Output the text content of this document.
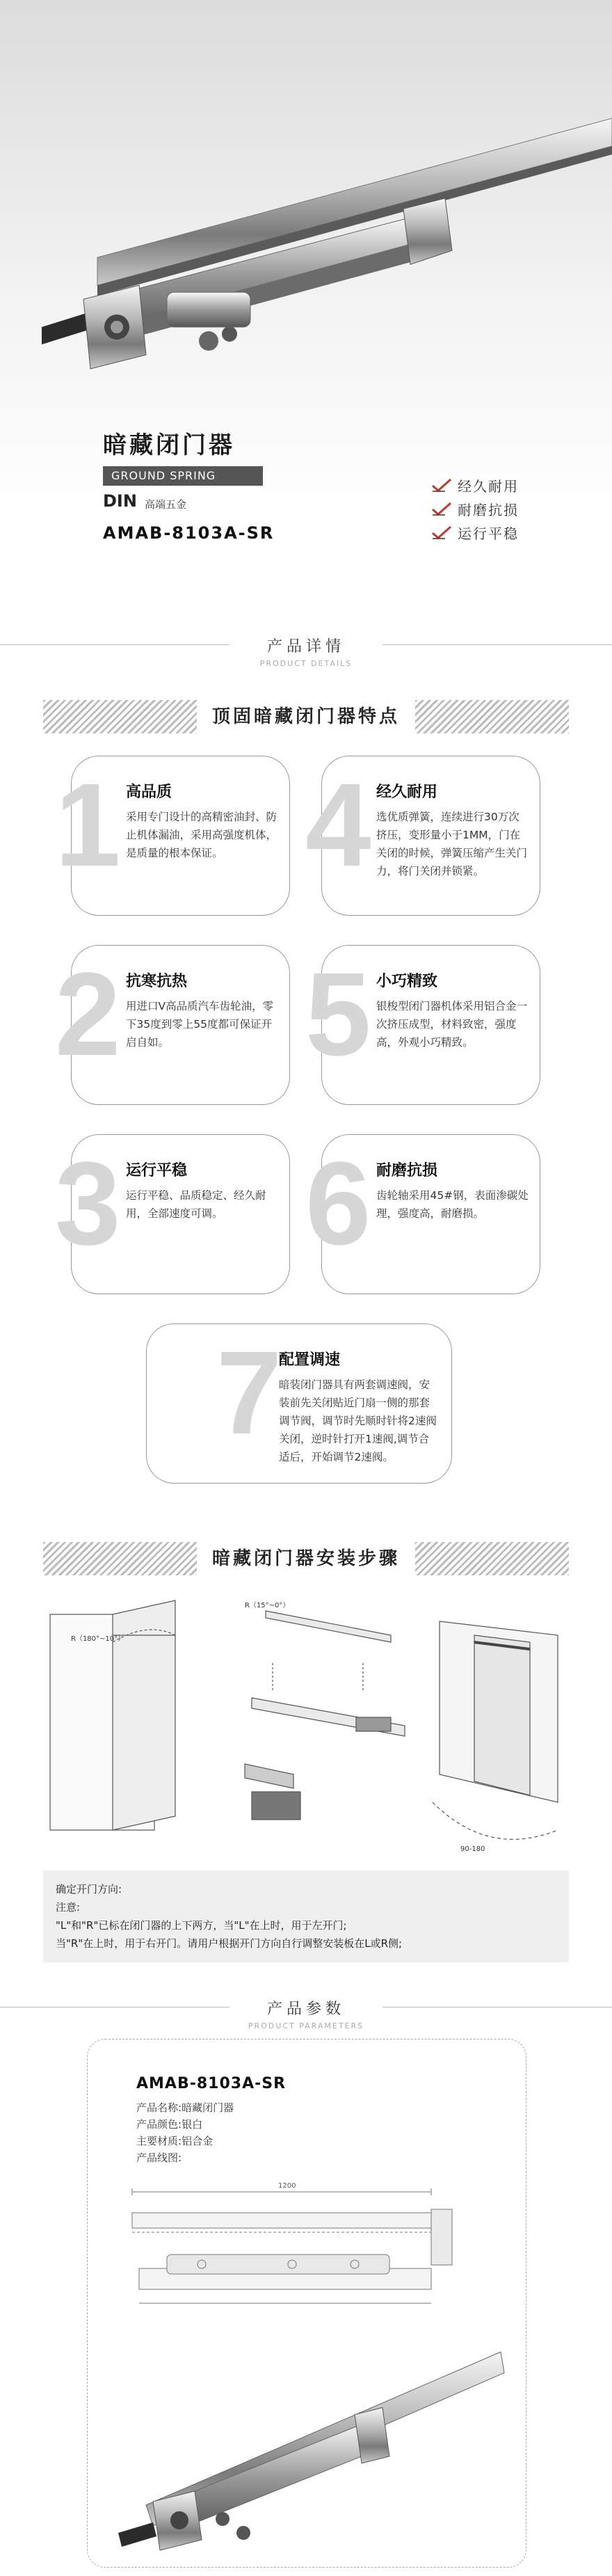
暗藏闭门器
GROUND SPRING
DIN 高端五金
经久耐用
耐磨抗损
运行平稳
AMAB-8103A-SR
产品详情
PRODUCT DETAILS
顶固暗藏闭门器特点
1 高品质
采用专门设计的高精密油封、防止机体漏油，采用高强度机体，是质量的根本保证。 4 经久耐用
选优质弹簧，连续进行30万次挤压，变形量小于1MM，门在关闭的时候，弹簧压缩产生关门力，将门关闭并锁紧。
2 抗寒抗热
用进口V高品质汽车齿轮油，零下35度到零上55度都可保证开启自如。	5 小巧精致
银梭型闭门器机体采用铝合金一次挤压成型，材料致密，强度高，外观小巧精致。
3 运行平稳
运行平稳、品质稳定、经久耐用，全部速度可调。 6 耐磨抗损
齿轮轴采用45#钢，表面渗碳处理，强度高，耐磨损。
7
配置调速
暗装闭门器具有两套调速阀，安装前先关闭贴近门扇一侧的那套调节阀，调节时先顺时针将2速阀关闭，逆时针打开1速阀,调节合适后，开始调节2速阀。
暗藏闭门器安装步骤
R（180°~10°）
R（15°~0°）
90-180
确定开门方向:
注意:
"L"和"R"已标在闭门器的上下两方，当"L"在上时，用于左开门;
当"R"在上时，用于右开门。请用户根据开门方向自行调整安装板在L或R侧;
产品参数
PRODUCT PARAMETERS
AMAB-8103A-SR
产品名称:暗藏闭门器
产品颜色:银白
主要材质:铝合金
产品线图:
1200
